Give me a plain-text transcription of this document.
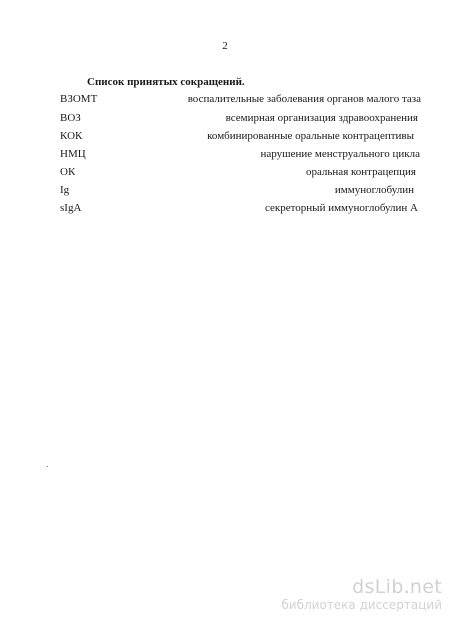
2
Список принятых сокращений.
ВЗОМТ	воспалительные заболевания органов малого таза
ВОЗ	всемирная организация здравоохранения
КОК	комбинированные оральные контрацептивы
НМЦ	нарушение менструального цикла
ОК	оральная контрацепция
Ig	иммуноглобулин
sIgA	секреторный иммуноглобулин А
dsLib.net
библиотека диссертаций
